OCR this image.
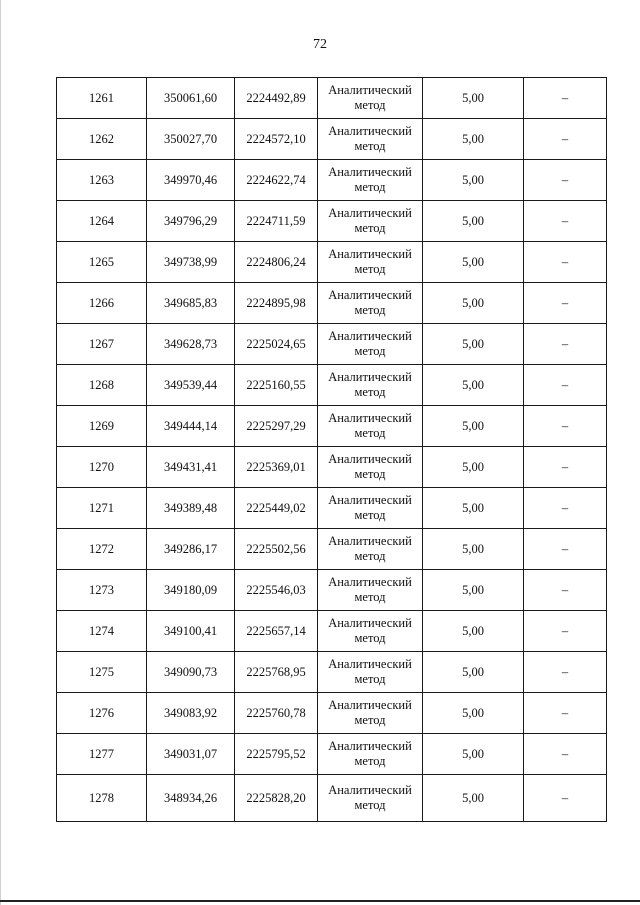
72
1261	350061,60	2224492,89	Аналитический метод	5,00	–
1262	350027,70	2224572,10	Аналитический метод	5,00	–
1263	349970,46	2224622,74	Аналитический метод	5,00	–
1264	349796,29	2224711,59	Аналитический метод	5,00	–
1265	349738,99	2224806,24	Аналитический метод	5,00	–
1266	349685,83	2224895,98	Аналитический метод	5,00	–
1267	349628,73	2225024,65	Аналитический метод	5,00	–
1268	349539,44	2225160,55	Аналитический метод	5,00	–
1269	349444,14	2225297,29	Аналитический метод	5,00	–
1270	349431,41	2225369,01	Аналитический метод	5,00	–
1271	349389,48	2225449,02	Аналитический метод	5,00	–
1272	349286,17	2225502,56	Аналитический метод	5,00	–
1273	349180,09	2225546,03	Аналитический метод	5,00	–
1274	349100,41	2225657,14	Аналитический метод	5,00	–
1275	349090,73	2225768,95	Аналитический метод	5,00	–
1276	349083,92	2225760,78	Аналитический метод	5,00	–
1277	349031,07	2225795,52	Аналитический метод	5,00	–
1278	348934,26	2225828,20	Аналитический метод	5,00	–
